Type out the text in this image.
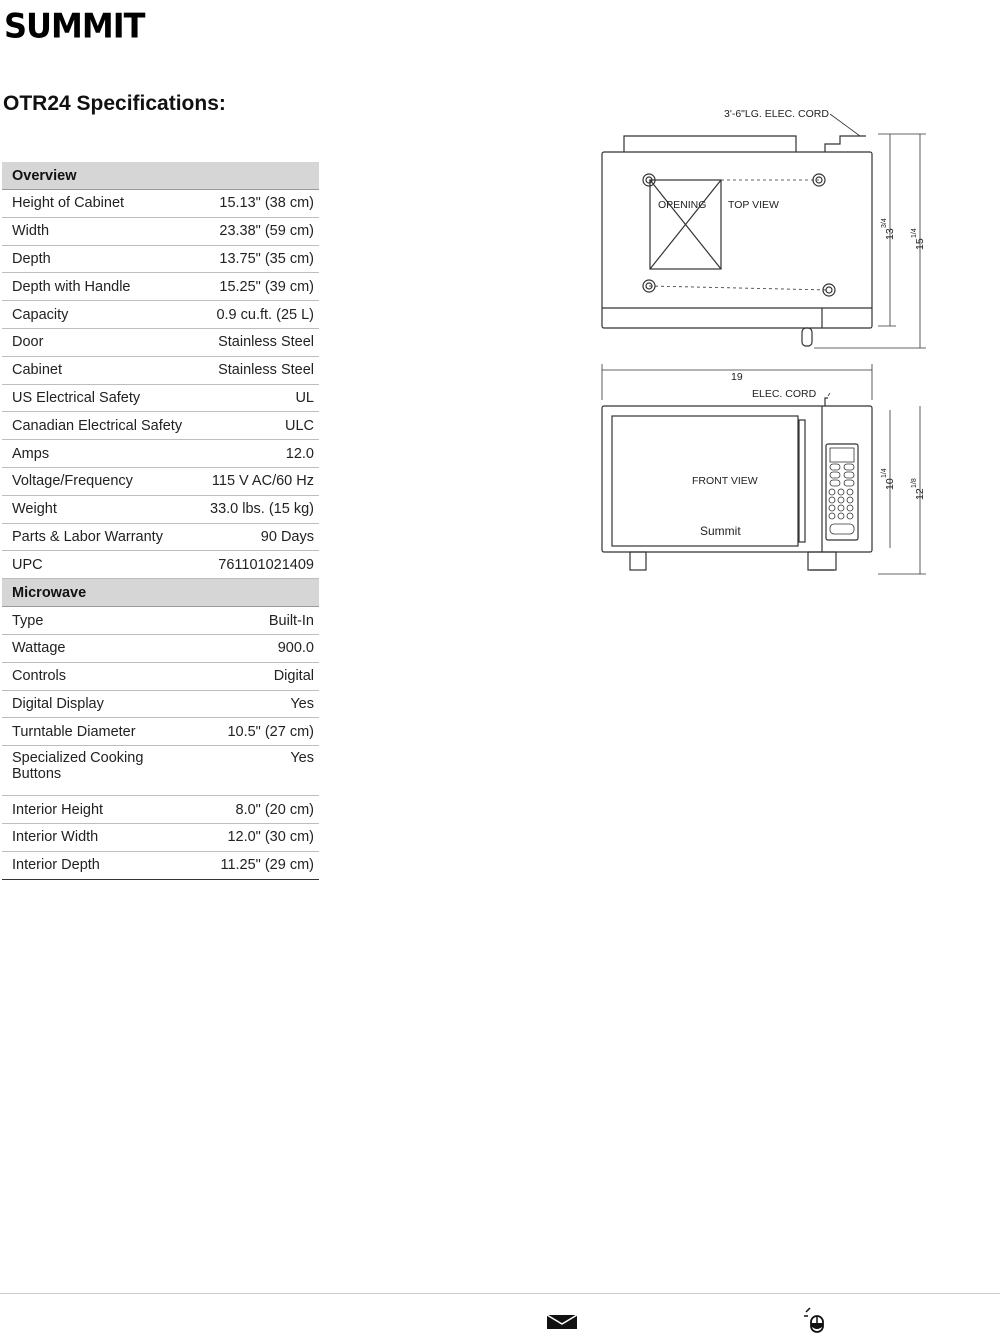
SUMMIT
OTR24 Specifications:
Overview	
Height of Cabinet	15.13" (38 cm)
Width	23.38" (59 cm)
Depth	13.75" (35 cm)
Depth with Handle	15.25" (39 cm)
Capacity	0.9 cu.ft. (25 L)
Door	Stainless Steel
Cabinet	Stainless Steel
US Electrical Safety	UL
Canadian Electrical Safety	ULC
Amps	12.0
Voltage/Frequency	115 V AC/60 Hz
Weight	33.0 lbs. (15 kg)
Parts & Labor Warranty	90 Days
UPC	761101021409
Microwave	
Type	Built-In
Wattage	900.0
Controls	Digital
Digital Display	Yes
Turntable Diameter	10.5" (27 cm)
Specialized Cooking Buttons	Yes
Interior Height	8.0" (20 cm)
Interior Width	12.0" (30 cm)
Interior Depth	11.25" (29 cm)
3'-6"LG. ELEC. CORD
OPENING TOP VIEW
19
ELEC. CORD
FRONT VIEW
Summit
13
3/4
15
1/4
10
1/4
12
1/8
